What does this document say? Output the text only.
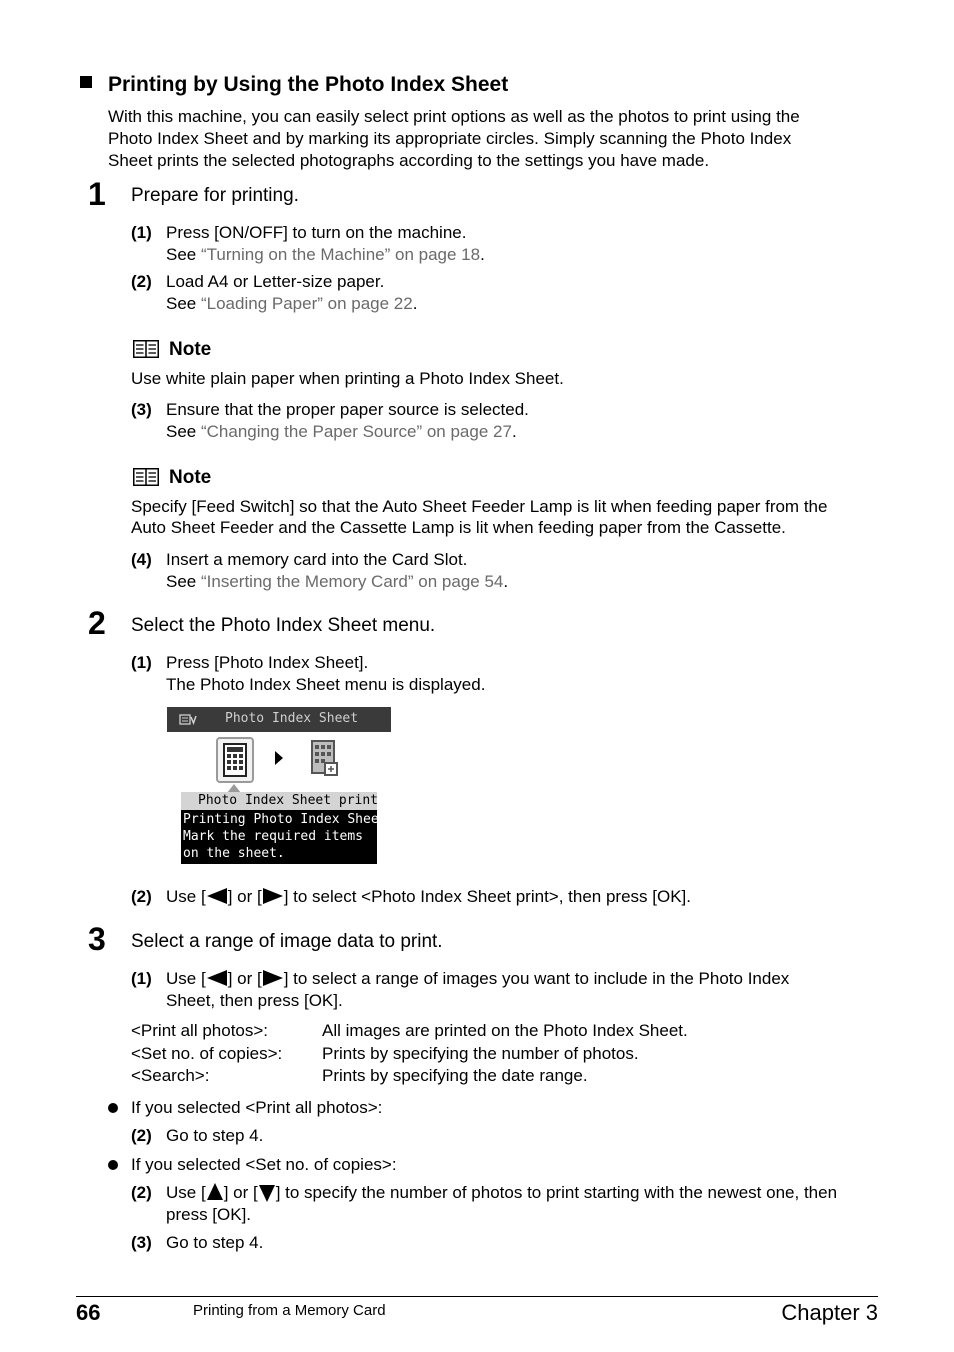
Printing by Using the Photo Index Sheet
With this machine, you can easily select print options as well as the photos to print using the
Photo Index Sheet and by marking its appropriate circles. Simply scanning the Photo Index
Sheet prints the selected photographs according to the settings you have made.
1 Prepare for printing.
(1) Press [ON/OFF] to turn on the machine.
See “Turning on the Machine” on page 18.
(2) Load A4 or Letter-size paper.
See “Loading Paper” on page 22.
Note
Use white plain paper when printing a Photo Index Sheet.
(3) Ensure that the proper paper source is selected.
See “Changing the Paper Source” on page 27.
Note
Specify [Feed Switch] so that the Auto Sheet Feeder Lamp is lit when feeding paper from the
Auto Sheet Feeder and the Cassette Lamp is lit when feeding paper from the Cassette.
(4) Insert a memory card into the Card Slot.
See “Inserting the Memory Card” on page 54.
2 Select the Photo Index Sheet menu.
(1) Press [Photo Index Sheet].
The Photo Index Sheet menu is displayed.
Photo Index Sheet
Photo Index Sheet print
Printing Photo Index Sheet.
Mark the required items
on the sheet.
(2) Use [ ] or [ ] to select <Photo Index Sheet print>, then press [OK].
3 Select a range of image data to print.
(1) Use [ ] or [ ] to select a range of images you want to include in the Photo Index
Sheet, then press [OK].
<Print all photos>:	All images are printed on the Photo Index Sheet.
<Set no. of copies>: Prints by specifying the number of photos.
<Search>:	Prints by specifying the date range.
If you selected <Print all photos>:
(2) Go to step 4.
If you selected <Set no. of copies>:
(2) Use [ ] or [ ] to specify the number of photos to print starting with the newest one, then
press [OK].
(3) Go to step 4.
66	Printing from a Memory Card	Chapter 3
